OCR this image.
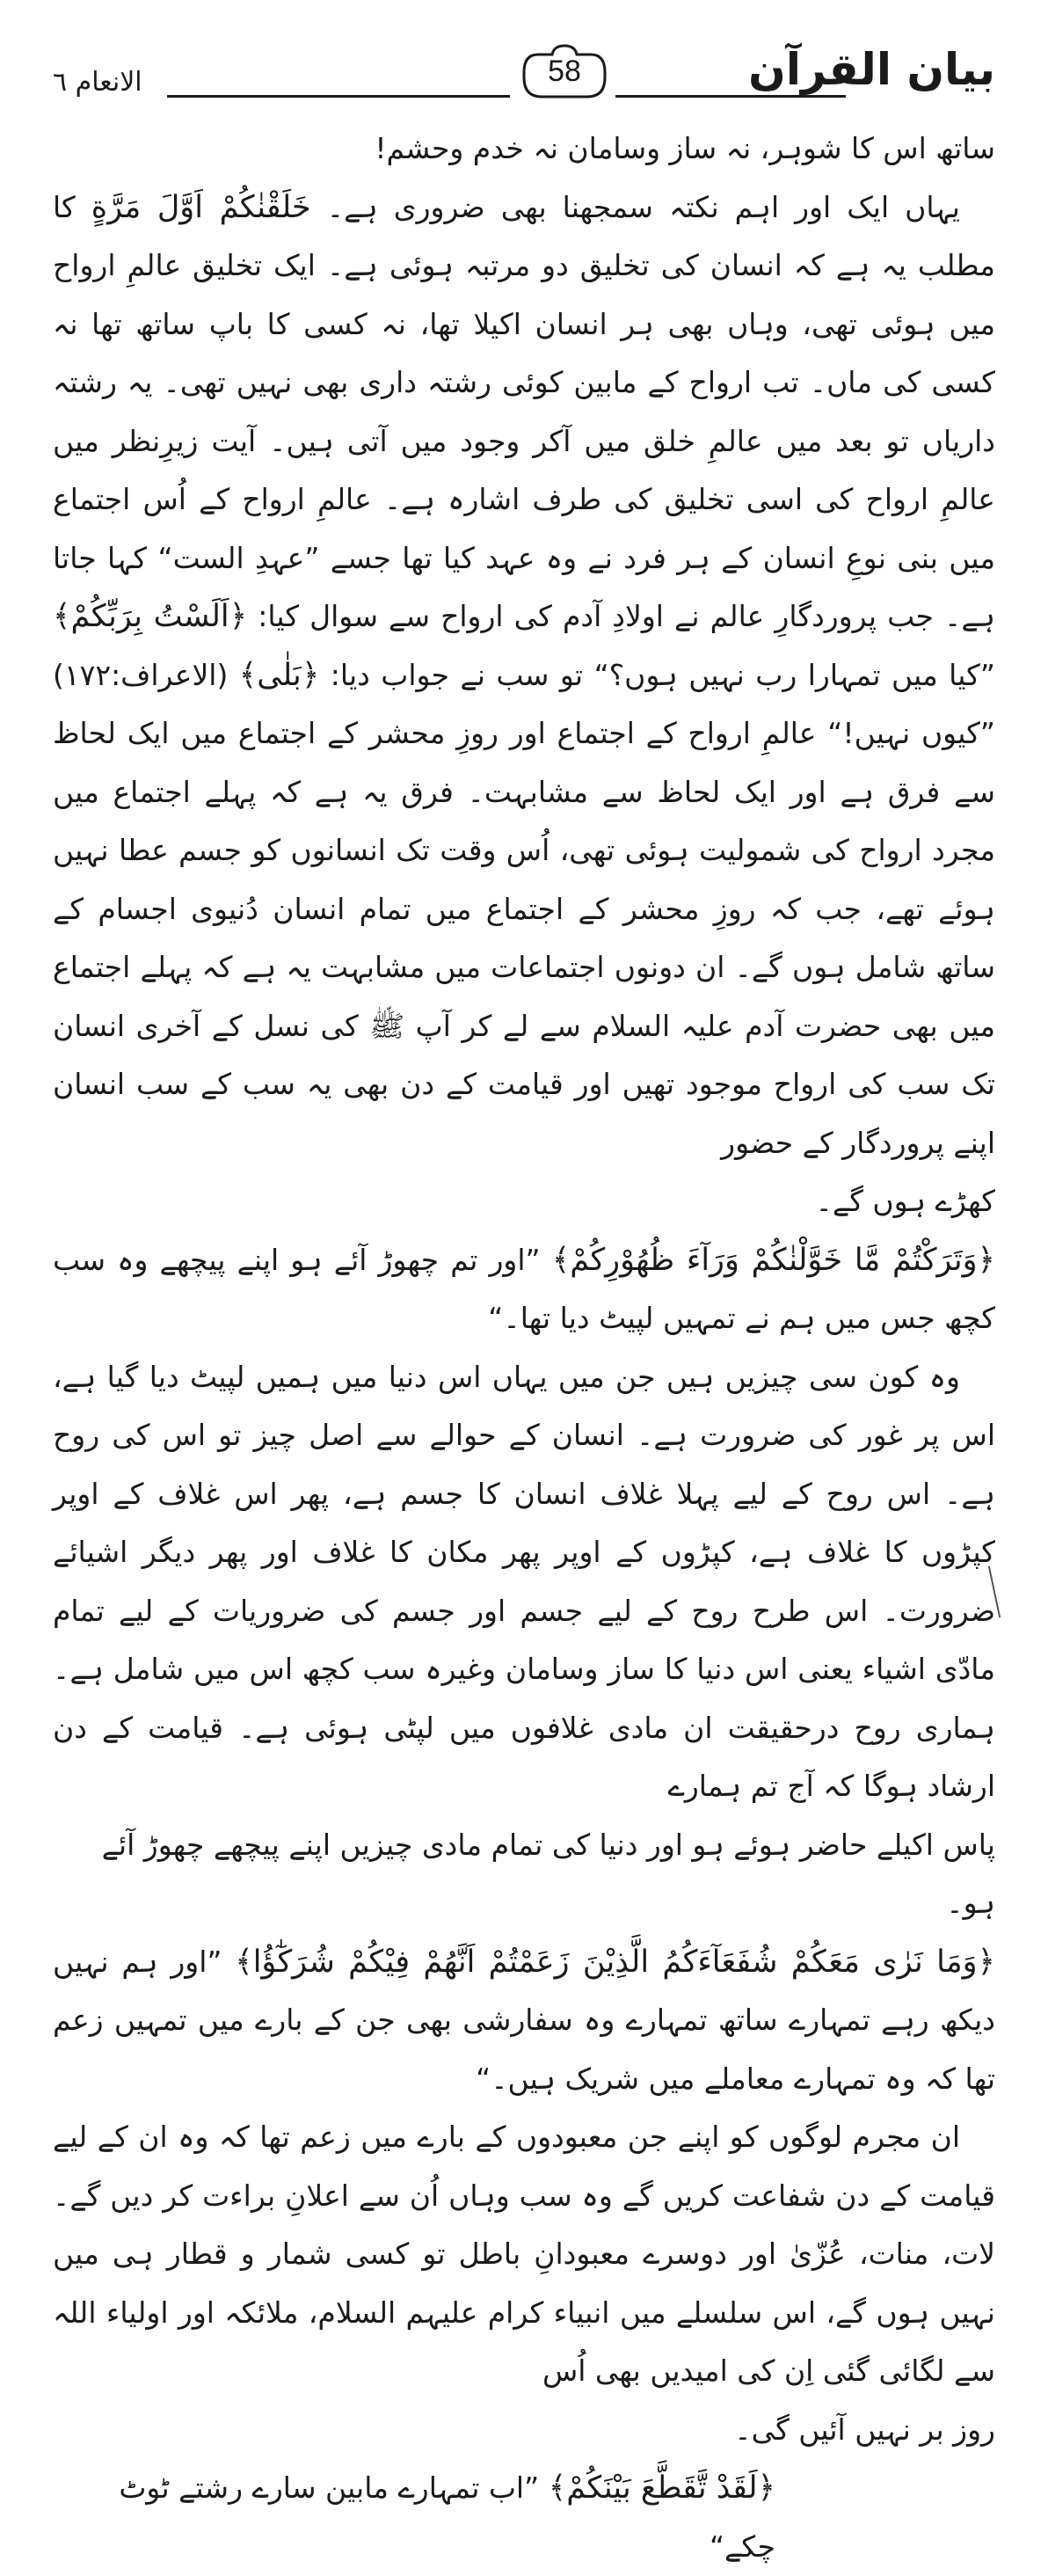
58	بیان القرآن
الانعام ٦

ساتھ اس کا شوہر، نہ ساز وسامان نہ خدم وحشم!

یہاں ایک اور اہم نکتہ سمجھنا بھی ضروری ہے۔ خَلَقْنٰكُمْ اَوَّلَ مَرَّةٍ کا مطلب یہ ہے کہ انسان کی تخلیق دو مرتبہ ہوئی ہے۔ ایک تخلیق عالمِ ارواح میں ہوئی تھی، وہاں بھی ہر انسان اکیلا تھا، نہ کسی کا باپ ساتھ تھا نہ کسی کی ماں۔ تب ارواح کے مابین کوئی رشتہ داری بھی نہیں تھی۔ یہ رشتہ داریاں تو بعد میں عالمِ خلق میں آکر وجود میں آتی ہیں۔ آیت زیرِنظر میں عالمِ ارواح کی اسی تخلیق کی طرف اشارہ ہے۔ عالمِ ارواح کے اُس اجتماع میں بنی نوعِ انسان کے ہر فرد نے وہ عہد کیا تھا جسے ”عہدِ الست“ کہا جاتا ہے۔ جب پروردگارِ عالم نے اولادِ آدم کی ارواح سے سوال کیا: ﴿اَلَسْتُ بِرَبِّكُمْ﴾ ”کیا میں تمہارا رب نہیں ہوں؟“ تو سب نے جواب دیا: ﴿بَلٰى﴾ (الاعراف:۱۷۲) ”کیوں نہیں!“ عالمِ ارواح کے اجتماع اور روزِ محشر کے اجتماع میں ایک لحاظ سے فرق ہے اور ایک لحاظ سے مشابہت۔ فرق یہ ہے کہ پہلے اجتماع میں مجرد ارواح کی شمولیت ہوئی تھی، اُس وقت تک انسانوں کو جسم عطا نہیں ہوئے تھے، جب کہ روزِ محشر کے اجتماع میں تمام انسان دُنیوی اجسام کے ساتھ شامل ہوں گے۔ ان دونوں اجتماعات میں مشابہت یہ ہے کہ پہلے اجتماع میں بھی حضرت آدم علیہ السلام سے لے کر آپ ﷺ کی نسل کے آخری انسان تک سب کی ارواح موجود تھیں اور قیامت کے دن بھی یہ سب کے سب انسان اپنے پروردگار کے حضور

کھڑے ہوں گے۔

﴿وَتَرَكْتُمْ مَّا خَوَّلْنٰكُمْ وَرَآءَ ظُهُوْرِكُمْ﴾ ”اور تم چھوڑ آئے ہو اپنے پیچھے وہ سب کچھ جس میں ہم نے تمہیں لپیٹ دیا تھا۔“

وہ کون سی چیزیں ہیں جن میں یہاں اس دنیا میں ہمیں لپیٹ دیا گیا ہے، اس پر غور کی ضرورت ہے۔ انسان کے حوالے سے اصل چیز تو اس کی روح ہے۔ اس روح کے لیے پہلا غلاف انسان کا جسم ہے، پھر اس غلاف کے اوپر کپڑوں کا غلاف ہے، کپڑوں کے اوپر پھر مکان کا غلاف اور پھر دیگر اشیائے ضرورت۔ اس طرح روح کے لیے جسم اور جسم کی ضروریات کے لیے تمام مادّی اشیاء یعنی اس دنیا کا ساز وسامان وغیرہ سب کچھ اس میں شامل ہے۔ ہماری روح درحقیقت ان مادی غلافوں میں لپٹی ہوئی ہے۔ قیامت کے دن ارشاد ہوگا کہ آج تم ہمارے

پاس اکیلے حاضر ہوئے ہو اور دنیا کی تمام مادی چیزیں اپنے پیچھے چھوڑ آئے ہو۔

﴿وَمَا نَرٰى مَعَكُمْ شُفَعَآءَكُمُ الَّذِيْنَ زَعَمْتُمْ اَنَّهُمْ فِيْكُمْ شُرَكٰٓؤُا﴾ ”اور ہم نہیں دیکھ رہے تمہارے ساتھ تمہارے وہ سفارشی بھی جن کے بارے میں تمہیں زعم تھا کہ وہ تمہارے معاملے میں شریک ہیں۔“

ان مجرم لوگوں کو اپنے جن معبودوں کے بارے میں زعم تھا کہ وہ ان کے لیے قیامت کے دن شفاعت کریں گے وہ سب وہاں اُن سے اعلانِ براءت کر دیں گے۔ لات، منات، عُزّیٰ اور دوسرے معبودانِ باطل تو کسی شمار و قطار ہی میں نہیں ہوں گے، اس سلسلے میں انبیاء کرام علیہم السلام، ملائکہ اور اولیاء اللہ سے لگائی گئی اِن کی امیدیں بھی اُس

روز بر نہیں آئیں گی۔

﴿لَقَدْ تَّقَطَّعَ بَيْنَكُمْ﴾ ”اب تمہارے مابین سارے رشتے ٹوٹ چکے“
